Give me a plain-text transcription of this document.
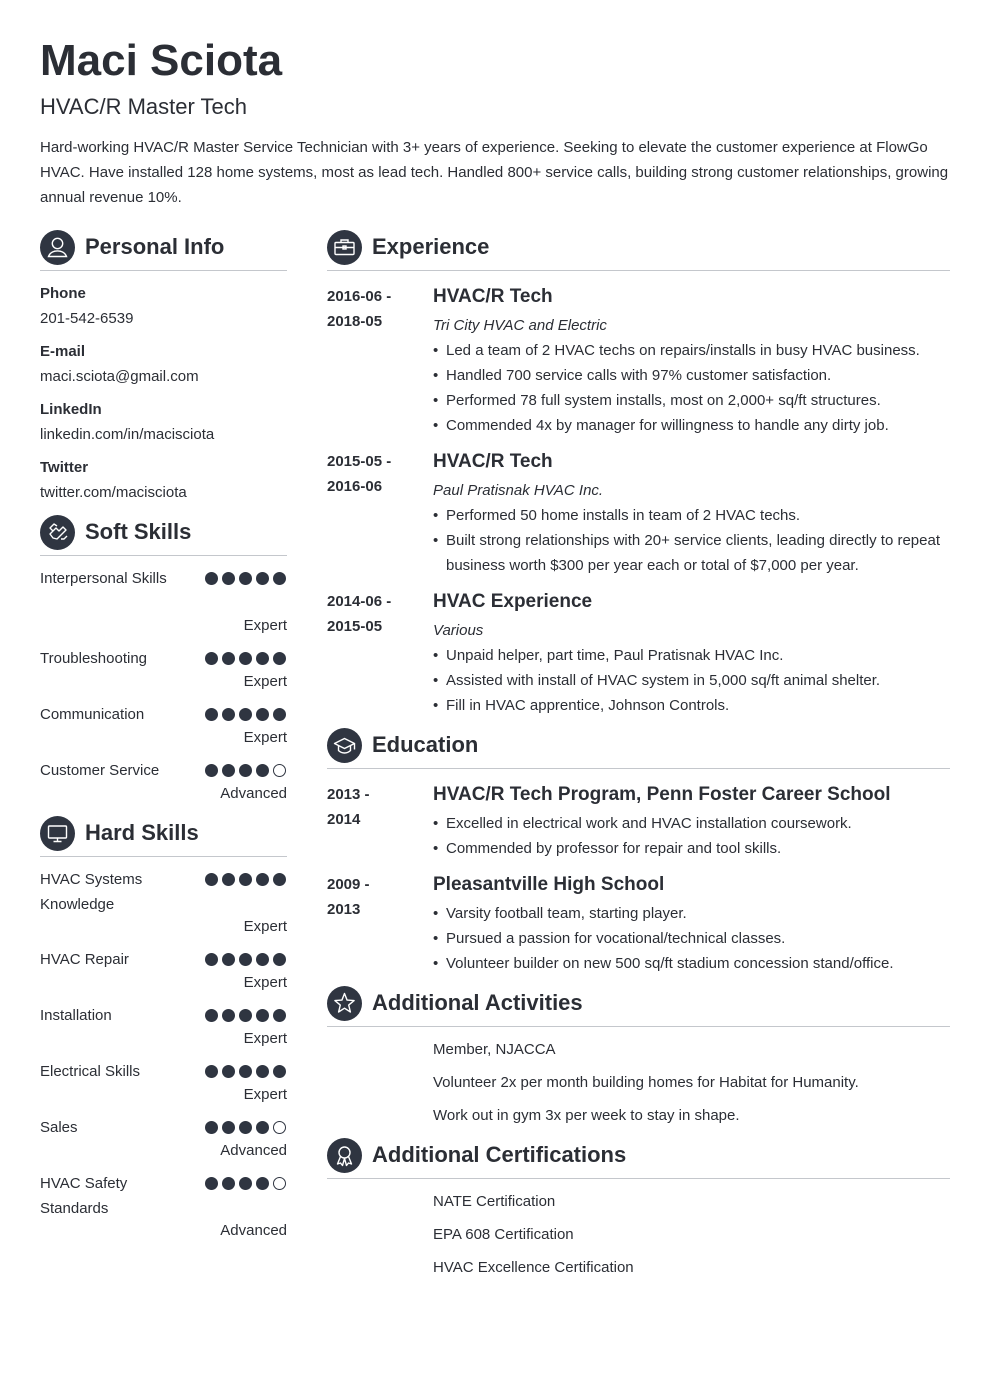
Maci Sciota
HVAC/R Master Tech

Hard-working HVAC/R Master Service Technician with 3+ years of experience. Seeking to elevate the customer experience at FlowGo HVAC. Have installed 128 home systems, most as lead tech. Handled 800+ service calls, building strong customer relationships, growing annual revenue 10%.

Personal Info
Phone
201-542-6539
E-mail
maci.sciota@gmail.com
LinkedIn
linkedin.com/in/macisciota
Twitter
twitter.com/macisciota
Soft Skills
Interpersonal Skills
Expert
Troubleshooting
Expert
Communication
Expert
Customer Service
Advanced
Hard Skills
HVAC Systems Knowledge
Expert
HVAC Repair
Expert
Installation
Expert
Electrical Skills
Expert
Sales
Advanced
HVAC Safety Standards
Advanced
Experience
2016-06 -
2018-05
HVAC/R Tech
Tri City HVAC and Electric
• Led a team of 2 HVAC techs on repairs/installs in busy HVAC business.
• Handled 700 service calls with 97% customer satisfaction.
• Performed 78 full system installs, most on 2,000+ sq/ft structures.
• Commended 4x by manager for willingness to handle any dirty job.
2015-05 -
2016-06
HVAC/R Tech
Paul Pratisnak HVAC Inc.
• Performed 50 home installs in team of 2 HVAC techs.
• Built strong relationships with 20+ service clients, leading directly to repeat business worth $300 per year each or total of $7,000 per year.
2014-06 -
2015-05
HVAC Experience
Various
• Unpaid helper, part time, Paul Pratisnak HVAC Inc.
• Assisted with install of HVAC system in 5,000 sq/ft animal shelter.
• Fill in HVAC apprentice, Johnson Controls.
Education
2013 -
2014
HVAC/R Tech Program, Penn Foster Career School
• Excelled in electrical work and HVAC installation coursework.
• Commended by professor for repair and tool skills.
2009 -
2013
Pleasantville High School
• Varsity football team, starting player.
• Pursued a passion for vocational/technical classes.
• Volunteer builder on new 500 sq/ft stadium concession stand/office.
Additional Activities
Member, NJACCA
Volunteer 2x per month building homes for Habitat for Humanity.
Work out in gym 3x per week to stay in shape.
Additional Certifications
NATE Certification
EPA 608 Certification
HVAC Excellence Certification
